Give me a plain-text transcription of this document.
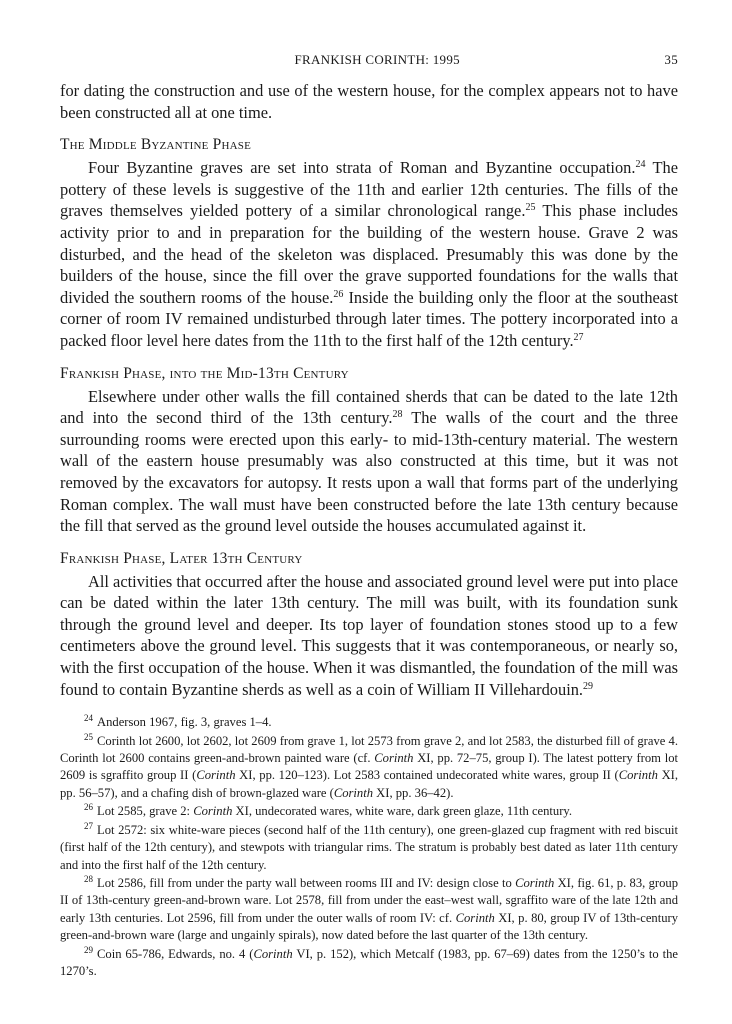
FRANKISH CORINTH: 1995	35

for dating the construction and use of the western house, for the complex appears not to have been constructed all at one time.

The Middle Byzantine Phase

Four Byzantine graves are set into strata of Roman and Byzantine occupation.$^{24}$ The pottery of these levels is suggestive of the 11th and earlier 12th centuries. The fills of the graves themselves yielded pottery of a similar chronological range.$^{25}$ This phase includes activity prior to and in preparation for the building of the western house. Grave 2 was disturbed, and the head of the skeleton was displaced. Presumably this was done by the builders of the house, since the fill over the grave supported foundations for the walls that divided the southern rooms of the house.$^{26}$ Inside the building only the floor at the southeast corner of room IV remained undisturbed through later times. The pottery incorporated into a packed floor level here dates from the 11th to the first half of the 12th century.$^{27}$

Frankish Phase, into the Mid-13th Century

Elsewhere under other walls the fill contained sherds that can be dated to the late 12th and into the second third of the 13th century.$^{28}$ The walls of the court and the three surrounding rooms were erected upon this early- to mid-13th-century material. The western wall of the eastern house presumably was also constructed at this time, but it was not removed by the excavators for autopsy. It rests upon a wall that forms part of the underlying Roman complex. The wall must have been constructed before the late 13th century because the fill that served as the ground level outside the houses accumulated against it.

Frankish Phase, Later 13th Century

All activities that occurred after the house and associated ground level were put into place can be dated within the later 13th century. The mill was built, with its foundation sunk through the ground level and deeper. Its top layer of foundation stones stood up to a few centimeters above the ground level. This suggests that it was contemporaneous, or nearly so, with the first occupation of the house. When it was dismantled, the foundation of the mill was found to contain Byzantine sherds as well as a coin of William II Villehardouin.$^{29}$

$^{24}$ Anderson 1967, fig. 3, graves 1–4.

$^{25}$ Corinth lot 2600, lot 2602, lot 2609 from grave 1, lot 2573 from grave 2, and lot 2583, the disturbed fill of grave 4. Corinth lot 2600 contains green-and-brown painted ware (cf. Corinth XI, pp. 72–75, group I). The latest pottery from lot 2609 is sgraffito group II (Corinth XI, pp. 120–123). Lot 2583 contained undecorated white wares, group II (Corinth XI, pp. 56–57), and a chafing dish of brown-glazed ware (Corinth XI, pp. 36–42).

$^{26}$ Lot 2585, grave 2: Corinth XI, undecorated wares, white ware, dark green glaze, 11th century.

$^{27}$ Lot 2572: six white-ware pieces (second half of the 11th century), one green-glazed cup fragment with red biscuit (first half of the 12th century), and stewpots with triangular rims. The stratum is probably best dated as later 11th century and into the first half of the 12th century.

$^{28}$ Lot 2586, fill from under the party wall between rooms III and IV: design close to Corinth XI, fig. 61, p. 83, group II of 13th-century green-and-brown ware. Lot 2578, fill from under the east–west wall, sgraffito ware of the late 12th and early 13th centuries. Lot 2596, fill from under the outer walls of room IV: cf. Corinth XI, p. 80, group IV of 13th-century green-and-brown ware (large and ungainly spirals), now dated before the last quarter of the 13th century.

$^{29}$ Coin 65-786, Edwards, no. 4 (Corinth VI, p. 152), which Metcalf (1983, pp. 67–69) dates from the 1250’s to the 1270’s.
